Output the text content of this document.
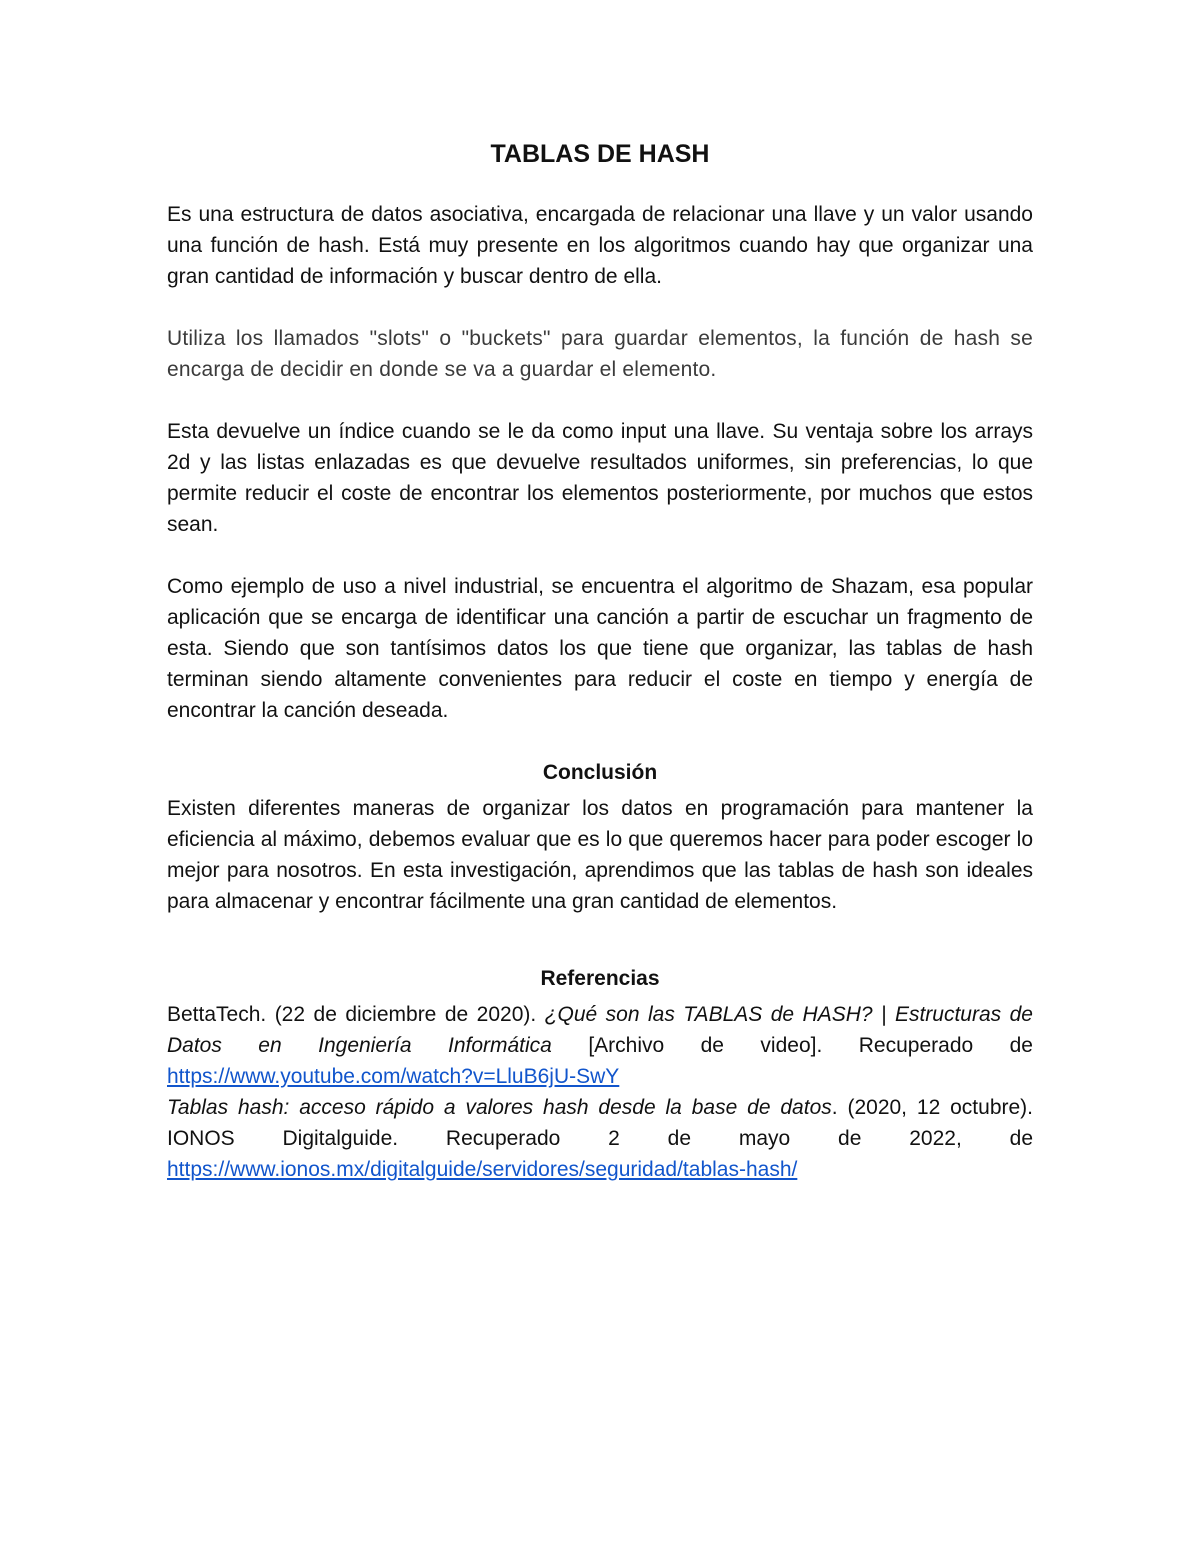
TABLAS DE HASH

Es una estructura de datos asociativa, encargada de relacionar una llave y un valor usando una función de hash. Está muy presente en los algoritmos cuando hay que organizar una gran cantidad de información y buscar dentro de ella.

Utiliza los llamados "slots" o "buckets" para guardar elementos, la función de hash se encarga de decidir en donde se va a guardar el elemento.

Esta devuelve un índice cuando se le da como input una llave. Su ventaja sobre los arrays 2d y las listas enlazadas es que devuelve resultados uniformes, sin preferencias, lo que permite reducir el coste de encontrar los elementos posteriormente, por muchos que estos sean.

Como ejemplo de uso a nivel industrial, se encuentra el algoritmo de Shazam, esa popular aplicación que se encarga de identificar una canción a partir de escuchar un fragmento de esta. Siendo que son tantísimos datos los que tiene que organizar, las tablas de hash terminan siendo altamente convenientes para reducir el coste en tiempo y energía de encontrar la canción deseada.

Conclusión

Existen diferentes maneras de organizar los datos en programación para mantener la eficiencia al máximo, debemos evaluar que es lo que queremos hacer para poder escoger lo mejor para nosotros. En esta investigación, aprendimos que las tablas de hash son ideales para almacenar y encontrar fácilmente una gran cantidad de elementos.

Referencias

BettaTech. (22 de diciembre de 2020). ¿Qué son las TABLAS de HASH? | Estructuras de Datos en Ingeniería Informática [Archivo de video]. Recuperado de https://www.youtube.com/watch?v=LluB6jU-SwY

Tablas hash: acceso rápido a valores hash desde la base de datos. (2020, 12 octubre). IONOS Digitalguide. Recuperado 2 de mayo de 2022, de https://www.ionos.mx/digitalguide/servidores/seguridad/tablas-hash/
